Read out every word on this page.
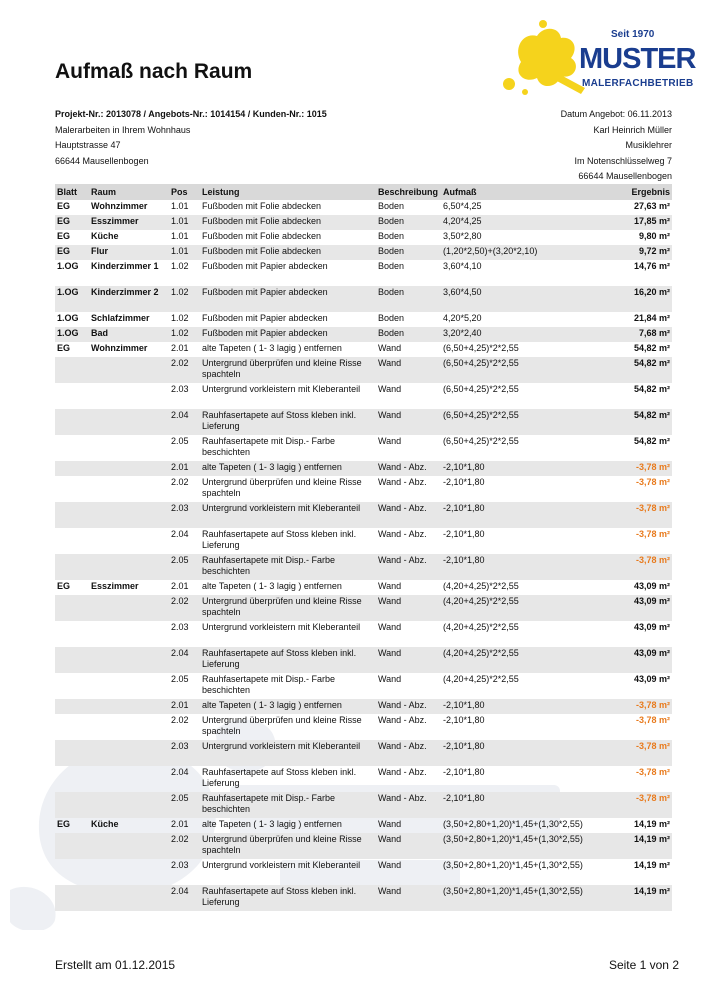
Aufmaß nach Raum
Seit 1970
MUSTER
MALERFACHBETRIEB
Projekt-Nr.: 2013078 / Angebots-Nr.: 1014154 / Kunden-Nr.: 1015
Malerarbeiten in Ihrem Wohnhaus
Hauptstrasse 47
66644 Mausellenbogen
Datum Angebot: 06.11.2013
Karl Heinrich Müller
Musiklehrer
Im Notenschlüsselweg 7
66644 Mausellenbogen
Blatt	Raum	Pos	Leistung	Beschreibung	Aufmaß	Ergebnis
EG	Wohnzimmer	1.01	Fußboden mit Folie abdecken	Boden	6,50*4,25	27,63 m²
EG	Esszimmer	1.01	Fußboden mit Folie abdecken	Boden	4,20*4,25	17,85 m²
EG	Küche	1.01	Fußboden mit Folie abdecken	Boden	3,50*2,80	9,80 m²
EG	Flur	1.01	Fußboden mit Folie abdecken	Boden	(1,20*2,50)+(3,20*2,10)	9,72 m²
1.OG	Kinderzimmer 1	1.02	Fußboden mit Papier abdecken	Boden	3,60*4,10	14,76 m²
1.OG	Kinderzimmer 2	1.02	Fußboden mit Papier abdecken	Boden	3,60*4,50	16,20 m²
1.OG	Schlafzimmer	1.02	Fußboden mit Papier abdecken	Boden	4,20*5,20	21,84 m²
1.OG	Bad	1.02	Fußboden mit Papier abdecken	Boden	3,20*2,40	7,68 m²
EG	Wohnzimmer	2.01	alte Tapeten ( 1- 3 lagig ) entfernen	Wand	(6,50+4,25)*2*2,55	54,82 m²
		2.02	Untergrund überprüfen und kleine Risse spachteln	Wand	(6,50+4,25)*2*2,55	54,82 m²
		2.03	Untergrund vorkleistern mit Kleberanteil	Wand	(6,50+4,25)*2*2,55	54,82 m²
		2.04	Rauhfasertapete auf Stoss kleben inkl. Lieferung	Wand	(6,50+4,25)*2*2,55	54,82 m²
		2.05	Rauhfasertapete mit Disp.- Farbe beschichten	Wand	(6,50+4,25)*2*2,55	54,82 m²
		2.01	alte Tapeten ( 1- 3 lagig ) entfernen	Wand - Abz.	-2,10*1,80	-3,78 m²
		2.02	Untergrund überprüfen und kleine Risse spachteln	Wand - Abz.	-2,10*1,80	-3,78 m²
		2.03	Untergrund vorkleistern mit Kleberanteil	Wand - Abz.	-2,10*1,80	-3,78 m²
		2.04	Rauhfasertapete auf Stoss kleben inkl. Lieferung	Wand - Abz.	-2,10*1,80	-3,78 m²
		2.05	Rauhfasertapete mit Disp.- Farbe beschichten	Wand - Abz.	-2,10*1,80	-3,78 m²
EG	Esszimmer	2.01	alte Tapeten ( 1- 3 lagig ) entfernen	Wand	(4,20+4,25)*2*2,55	43,09 m²
		2.02	Untergrund überprüfen und kleine Risse spachteln	Wand	(4,20+4,25)*2*2,55	43,09 m²
		2.03	Untergrund vorkleistern mit Kleberanteil	Wand	(4,20+4,25)*2*2,55	43,09 m²
		2.04	Rauhfasertapete auf Stoss kleben inkl. Lieferung	Wand	(4,20+4,25)*2*2,55	43,09 m²
		2.05	Rauhfasertapete mit Disp.- Farbe beschichten	Wand	(4,20+4,25)*2*2,55	43,09 m²
		2.01	alte Tapeten ( 1- 3 lagig ) entfernen	Wand - Abz.	-2,10*1,80	-3,78 m²
		2.02	Untergrund überprüfen und kleine Risse spachteln	Wand - Abz.	-2,10*1,80	-3,78 m²
		2.03	Untergrund vorkleistern mit Kleberanteil	Wand - Abz.	-2,10*1,80	-3,78 m²
		2.04	Rauhfasertapete auf Stoss kleben inkl. Lieferung	Wand - Abz.	-2,10*1,80	-3,78 m²
		2.05	Rauhfasertapete mit Disp.- Farbe beschichten	Wand - Abz.	-2,10*1,80	-3,78 m²
EG	Küche	2.01	alte Tapeten ( 1- 3 lagig ) entfernen	Wand	(3,50+2,80+1,20)*1,45+(1,30*2,55)	14,19 m²
		2.02	Untergrund überprüfen und kleine Risse spachteln	Wand	(3,50+2,80+1,20)*1,45+(1,30*2,55)	14,19 m²
		2.03	Untergrund vorkleistern mit Kleberanteil	Wand	(3,50+2,80+1,20)*1,45+(1,30*2,55)	14,19 m²
		2.04	Rauhfasertapete auf Stoss kleben inkl. Lieferung	Wand	(3,50+2,80+1,20)*1,45+(1,30*2,55)	14,19 m²
Erstellt am 01.12.2015	Seite 1 von 2
